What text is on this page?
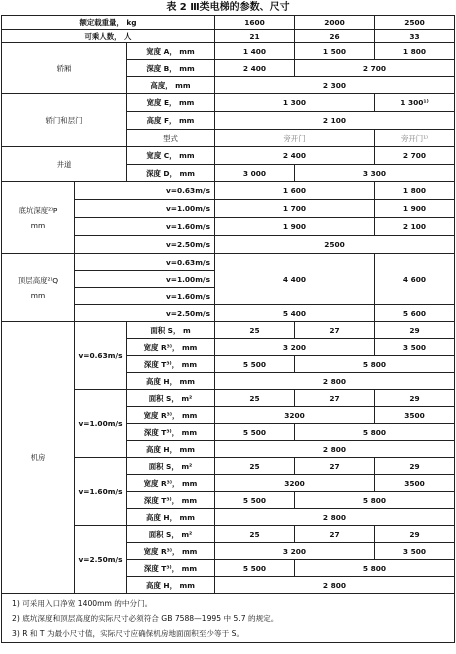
表 2 Ⅲ类电梯的参数、尺寸
额定载重量， kg			1600	2000	2500
可乘人数， 人			21	26	33
轿厢		宽度 A， mm	1 400	1 500	1 800
		深度 B， mm	2 400	2 700	
		高度， mm	2 300		
轿门和层门		宽度 E， mm	1 300		1 300¹⁾
		高度 F， mm	2 100		
		型式	旁开门		旁开门¹⁾
井道		宽度 C， mm	2 400		2 700
		深度 D， mm	3 000	3 300	

底坑深度²⁾P
mm	v=0.63m/s		1 600		1 800
	v=1.00m/s		1 700		1 900
	v=1.60m/s		1 900		2 100
	v=2.50m/s		2500		

顶层高度²⁾Q
mm	v=0.63m/s		4 400		4 600
	v=1.00m/s				
	v=1.60m/s				
	v=2.50m/s		5 400		5 600
机房	v=0.63m/s	面积 S， m	25	27	29
		宽度 R³⁾， mm	3 200		3 500
		深度 T³⁾， mm	5 500	5 800	
		高度 H， mm	2 800		
	v=1.00m/s	面积 S， m²	25	27	29
		宽度 R³⁾， mm	3200		3500
		深度 T³⁾， mm	5 500	5 800	
		高度 H， mm	2 800		
	v=1.60m/s	面积 S， m²	25	27	29
		宽度 R³⁾， mm	3200		3500
		深度 T³⁾， mm	5 500	5 800	
		高度 H， mm	2 800		
	v=2.50m/s	面积 S， m²	25	27	29
		宽度 R³⁾， mm	3 200		3 500
		深度 T³⁾， mm	5 500	5 800	
		高度 H， mm	2 800		

1) 可采用入口净宽 1400mm 的中分门。
2) 底坑深度和顶层高度的实际尺寸必须符合 GB 7588—1995 中 5.7 的规定。
3) R 和 T 为最小尺寸值，实际尺寸应确保机房地面面积至少等于 S。					
